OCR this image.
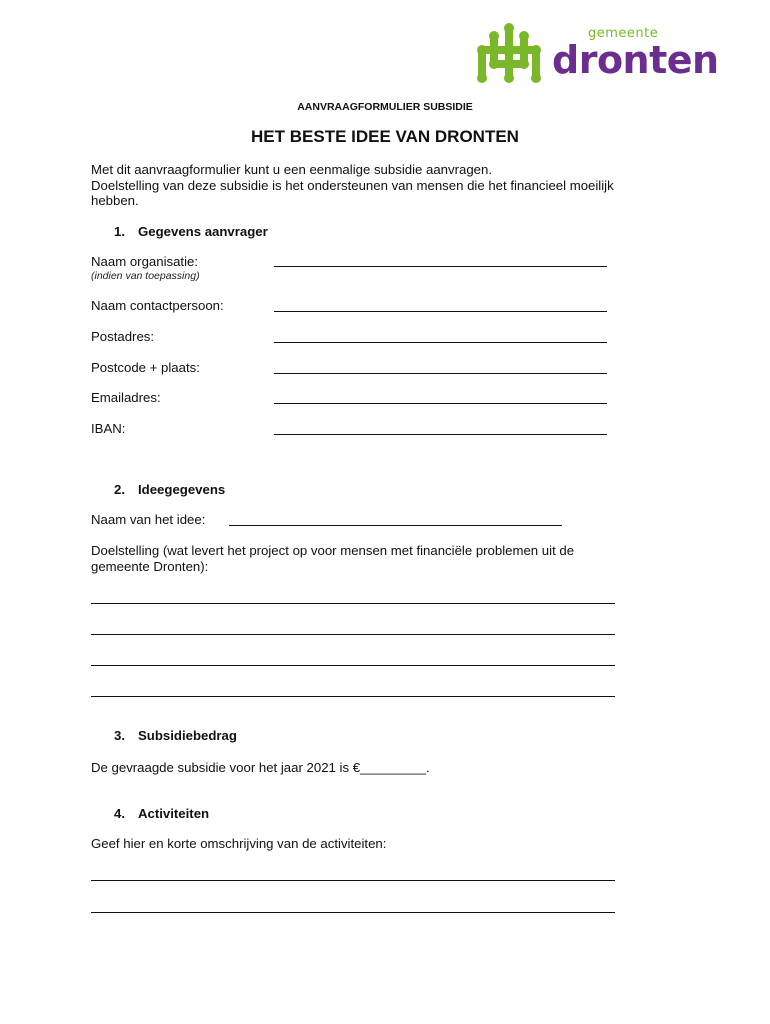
gemeente
dronten
AANVRAAGFORMULIER SUBSIDIE
HET BESTE IDEE VAN DRONTEN
Met dit aanvraagformulier kunt u een eenmalige subsidie aanvragen.
Doelstelling van deze subsidie is het ondersteunen van mensen die het financieel moeilijk
hebben.
1. Gegevens aanvrager
Naam organisatie:
(indien van toepassing)
Naam contactpersoon:
Postadres:
Postcode + plaats:
Emailadres:
IBAN:
2. Ideegegevens
Naam van het idee:
Doelstelling (wat levert het project op voor mensen met financiële problemen uit de
gemeente Dronten):
3. Subsidiebedrag
De gevraagde subsidie voor het jaar 2021 is €_________.
4. Activiteiten
Geef hier en korte omschrijving van de activiteiten:
